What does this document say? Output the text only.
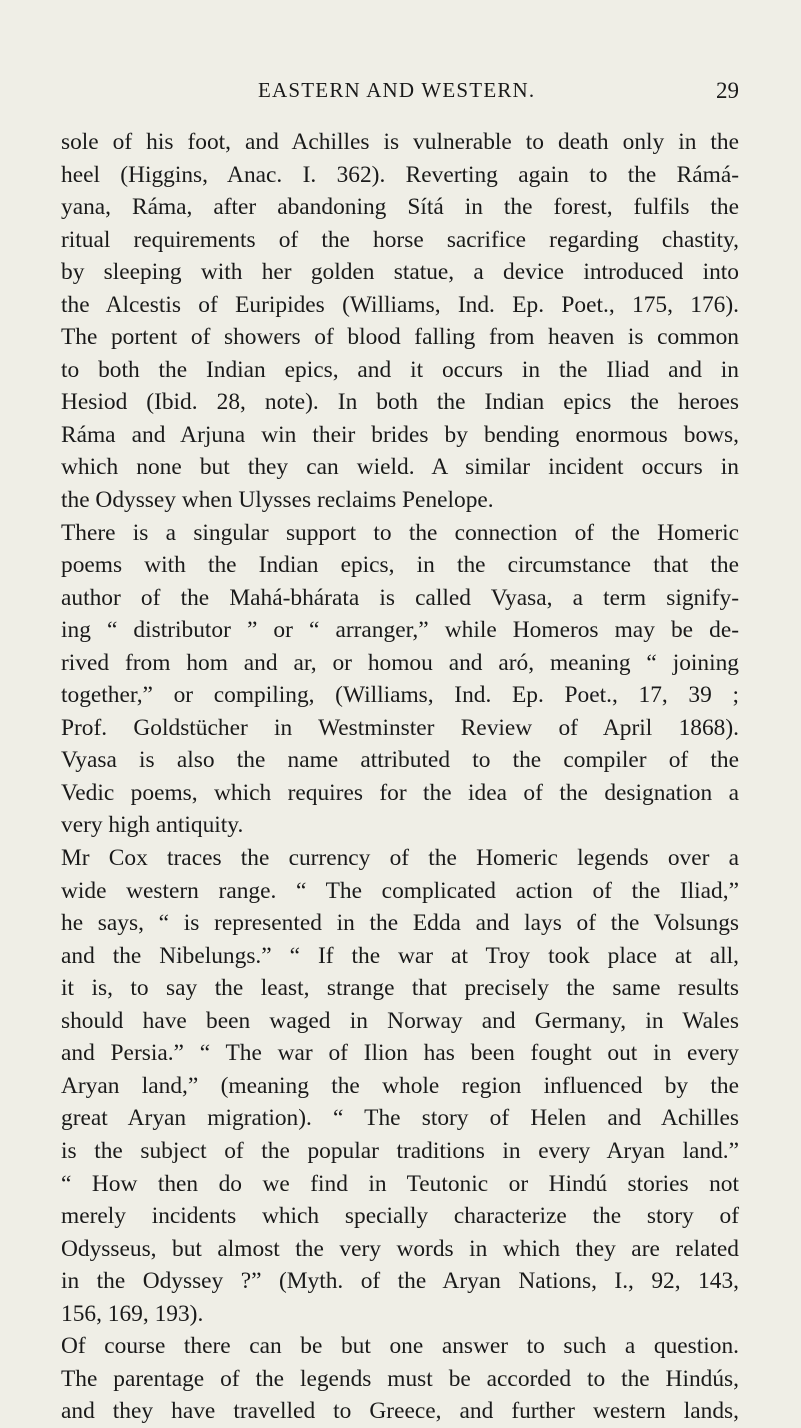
EASTERN AND WESTERN.	29
sole of his foot, and Achilles is vulnerable to death only in the
heel (Higgins, Anac. I. 362). Reverting again to the Rámá-
yana, Ráma, after abandoning Sítá in the forest, fulfils the
ritual requirements of the horse sacrifice regarding chastity,
by sleeping with her golden statue, a device introduced into
the Alcestis of Euripides (Williams, Ind. Ep. Poet., 175, 176).
The portent of showers of blood falling from heaven is common
to both the Indian epics, and it occurs in the Iliad and in
Hesiod (Ibid. 28, note). In both the Indian epics the heroes
Ráma and Arjuna win their brides by bending enormous bows,
which none but they can wield. A similar incident occurs in
the Odyssey when Ulysses reclaims Penelope.
There is a singular support to the connection of the Homeric
poems with the Indian epics, in the circumstance that the
author of the Mahá-bhárata is called Vyasa, a term signify-
ing “ distributor ” or “ arranger,” while Homeros may be de-
rived from hom and ar, or homou and aró, meaning “ joining
together,” or compiling, (Williams, Ind. Ep. Poet., 17, 39 ;
Prof. Goldstücher in Westminster Review of April 1868).
Vyasa is also the name attributed to the compiler of the
Vedic poems, which requires for the idea of the designation a
very high antiquity.
Mr Cox traces the currency of the Homeric legends over a
wide western range. “ The complicated action of the Iliad,”
he says, “ is represented in the Edda and lays of the Volsungs
and the Nibelungs.” “ If the war at Troy took place at all,
it is, to say the least, strange that precisely the same results
should have been waged in Norway and Germany, in Wales
and Persia.” “ The war of Ilion has been fought out in every
Aryan land,” (meaning the whole region influenced by the
great Aryan migration). “ The story of Helen and Achilles
is the subject of the popular traditions in every Aryan land.”
“ How then do we find in Teutonic or Hindú stories not
merely incidents which specially characterize the story of
Odysseus, but almost the very words in which they are related
in the Odyssey ?” (Myth. of the Aryan Nations, I., 92, 143,
156, 169, 193).
Of course there can be but one answer to such a question.
The parentage of the legends must be accorded to the Hindús,
and they have travelled to Greece, and further western lands,
